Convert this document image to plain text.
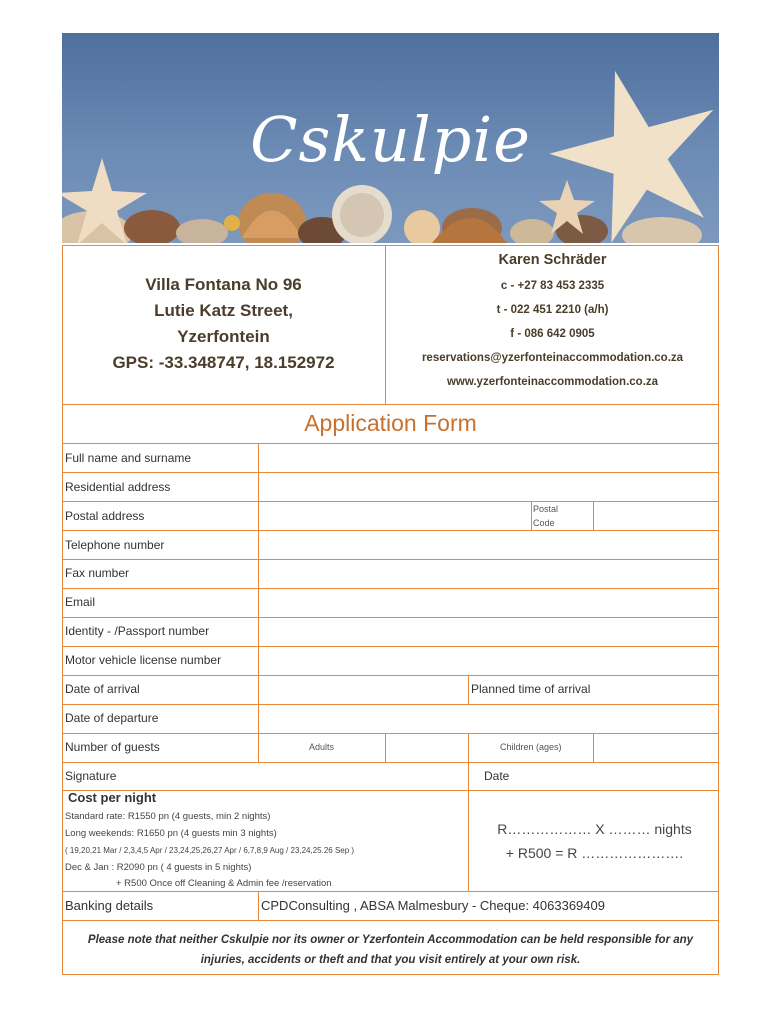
Cskulpie
Villa Fontana No 96
Lutie Katz Street,
Yzerfontein
GPS: -33.348747, 18.152972
Karen Schräder
c - +27 83 453 2335
t - 022 451 2210 (a/h)
f - 086 642 0905
reservations@yzerfonteinaccommodation.co.za
www.yzerfonteinaccommodation.co.za
Application Form
Full name and surname
Residential address
Postal address	Postal
Code
Telephone number
Fax number
Email
Identity - /Passport number
Motor vehicle license number
Date of arrival	Planned time of arrival
Date of departure
Number of guests	Adults	Children (ages)
Signature	Date
Cost per night
Standard rate: R1550 pn (4 guests, min 2 nights)
Long weekends: R1650 pn (4 guests min 3 nights)
( 19,20,21 Mar / 2,3,4,5 Apr / 23,24,25,26,27 Apr / 6,7,8,9 Aug / 23,24,25.26 Sep )
Dec & Jan : R2090 pn ( 4 guests in 5 nights)
+ R500 Once off Cleaning & Admin fee /reservation
R……………… X ……… nights
+ R500 = R ………………….
Banking details	CPDConsulting , ABSA Malmesbury - Cheque: 4063369409
Please note that neither Cskulpie nor its owner or Yzerfontein Accommodation can be held responsible for any
injuries, accidents or theft and that you visit entirely at your own risk.
